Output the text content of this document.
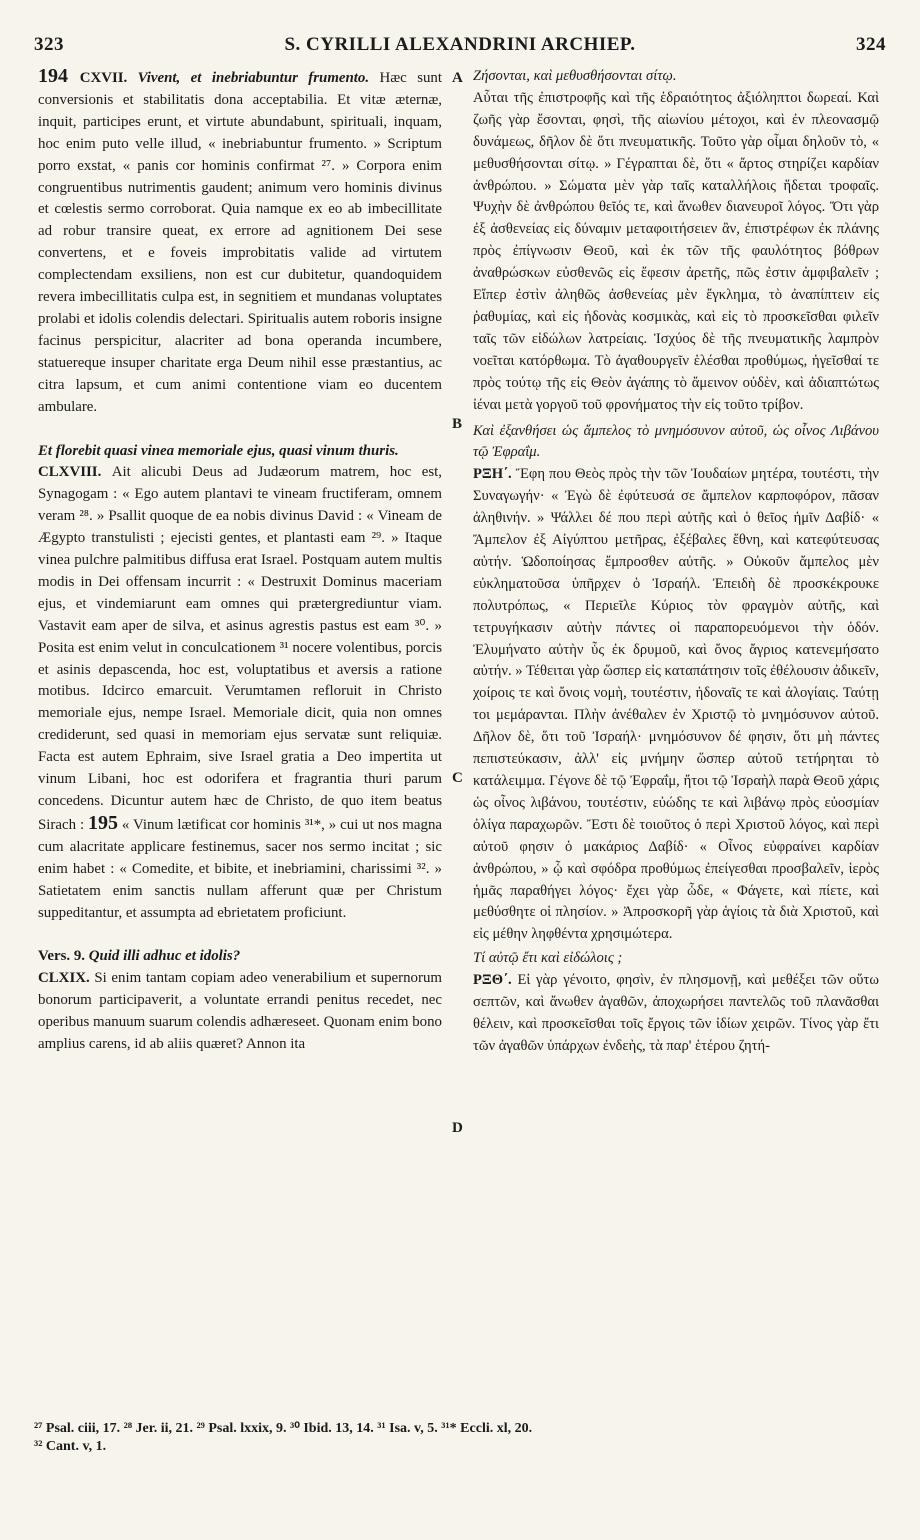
323	S. CYRILLI ALEXANDRINI ARCHIEP.	324

194 CXVII. Vivent, et inebriabuntur frumento. Hæc sunt conversionis et stabilitatis dona acceptabilia. Et vitæ æternæ, inquit, participes erunt, et virtute abundabunt, spirituali, inquam, hoc enim puto velle illud, « inebriabuntur frumento. » Scriptum porro exstat, « panis cor hominis confirmat ²⁷. » Corpora enim congruentibus nutrimentis gaudent; animum vero hominis divinus et cœlestis sermo corroborat. Quia namque ex eo ab imbecillitate ad robur transire queat, ex errore ad agnitionem Dei sese convertens, et e foveis improbitatis valide ad virtutem complectendam exsiliens, non est cur dubitetur, quandoquidem revera imbecillitatis culpa est, in segnitiem et mundanas voluptates prolabi et idolis colendis delectari. Spiritualis autem roboris insigne facinus perspicitur, alacriter ad bona operanda incumbere, statuereque insuper charitate erga Deum nihil esse præstantius, ac citra lapsum, et cum animi contentione viam eo ducentem ambulare.

Et florebit quasi vinea memoriale ejus, quasi vinum thuris.

CLXVIII. Ait alicubi Deus ad Judæorum matrem, hoc est, Synagogam : « Ego autem plantavi te vineam fructiferam, omnem veram ²⁸. » Psallit quoque de ea nobis divinus David : « Vineam de Ægypto transtulisti ; ejecisti gentes, et plantasti eam ²⁹. » Itaque vinea pulchre palmitibus diffusa erat Israel. Postquam autem multis modis in Dei offensam incurrit : « Destruxit Dominus maceriam ejus, et vindemiarunt eam omnes qui prætergrediuntur viam. Vastavit eam aper de silva, et asinus agrestis pastus est eam ³⁰. » Posita est enim velut in conculcationem ³¹ nocere volentibus, porcis et asinis depascenda, hoc est, voluptatibus et aversis a ratione motibus. Idcirco emarcuit. Verumtamen refloruit in Christo memoriale ejus, nempe Israel. Memoriale dicit, quia non omnes crediderunt, sed quasi in memoriam ejus servatæ sunt reliquiæ. Facta est autem Ephraim, sive Israel gratia a Deo impertita ut vinum Libani, hoc est odorifera et fragrantia thuri parum concedens. Dicuntur autem hæc de Christo, de quo item beatus Sirach : 195 « Vinum lætificat cor hominis ³¹*, » cui ut nos magna cum alacritate applicare festinemus, sacer nos sermo incitat ; sic enim habet : « Comedite, et bibite, et inebriamini, charissimi ³². » Satietatem enim sanctis nullam afferunt quæ per Christum suppeditantur, et assumpta ad ebrietatem proficiunt.

Vers. 9. Quid illi adhuc et idolis?

CLXIX. Si enim tantam copiam adeo venerabilium et supernorum bonorum participaverit, a voluntate errandi penitus recedet, nec operibus manuum suarum colendis adhæreseet. Quonam enim bono amplius carens, id ab aliis quæret? Annon ita

Ζήσονται, καὶ μεθυσθήσονται σίτῳ.

Αὗται τῆς ἐπιστροφῆς καὶ τῆς ἑδραιότητος ἀξιόληπτοι δωρεαί. Καὶ ζωῆς γὰρ ἔσονται, φησὶ, τῆς αἰωνίου μέτοχοι, καὶ ἐν πλεονασμῷ δυνάμεως, δῆλον δὲ ὅτι πνευματικῆς. Τοῦτο γὰρ οἶμαι δηλοῦν τὸ, « μεθυσθήσονται σίτῳ. » Γέγραπται δὲ, ὅτι « ἄρτος στηρίζει καρδίαν ἀνθρώπου. » Σώματα μὲν γὰρ ταῖς καταλλήλοις ἥδεται τροφαῖς. Ψυχὴν δὲ ἀνθρώπου θεῖός τε, καὶ ἄνωθεν διανευροῖ λόγος. Ὅτι γὰρ ἐξ ἀσθενείας εἰς δύναμιν μεταφοιτήσειεν ἂν, ἐπιστρέφων ἐκ πλάνης πρὸς ἐπίγνωσιν Θεοῦ, καὶ ἐκ τῶν τῆς φαυλότητος βόθρων ἀναθρώσκων εὐσθενῶς εἰς ἔφεσιν ἀρετῆς, πῶς ἐστιν ἀμφιβαλεῖν ; Εἴπερ ἐστὶν ἀληθῶς ἀσθενείας μὲν ἔγκλημα, τὸ ἀναπίπτειν εἰς ῥαθυμίας, καὶ εἰς ἡδονὰς κοσμικὰς, καὶ εἰς τὸ προσκεῖσθαι φιλεῖν ταῖς τῶν εἰδώλων λατρείαις. Ἰσχύος δὲ τῆς πνευματικῆς λαμπρὸν νοεῖται κατόρθωμα. Τὸ ἀγαθουργεῖν ἑλέσθαι προθύμως, ἡγεῖσθαί τε πρὸς τούτῳ τῆς εἰς Θεὸν ἀγάπης τὸ ἄμεινον οὐδὲν, καὶ ἀδιαπτώτως ἰέναι μετὰ γοργοῦ τοῦ φρονήματος τὴν εἰς τοῦτο τρίβον.

Καὶ ἐξανθήσει ὡς ἄμπελος τὸ μνημόσυνον αὐτοῦ, ὡς οἶνος Λιβάνου τῷ Ἐφραΐμ.

ΡΞΗ΄. Ἔφη που Θεὸς πρὸς τὴν τῶν Ἰουδαίων μητέρα, τουτέστι, τὴν Συναγωγήν· « Ἐγὼ δὲ ἐφύτευσά σε ἄμπελον καρποφόρον, πᾶσαν ἀληθινήν. » Ψάλλει δέ που περὶ αὐτῆς καὶ ὁ θεῖος ἡμῖν Δαβίδ· « Ἄμπελον ἐξ Αἰγύπτου μετῆρας, ἐξέβαλες ἔθνη, καὶ κατεφύτευσας αὐτήν. Ὡδοποίησας ἔμπροσθεν αὐτῆς. » Οὐκοῦν ἄμπελος μὲν εὐκληματοῦσα ὑπῆρχεν ὁ Ἰσραήλ. Ἐπειδὴ δὲ προσκέκρουκε πολυτρόπως, « Περιεῖλε Κύριος τὸν φραγμὸν αὐτῆς, καὶ τετρυγήκασιν αὐτὴν πάντες οἱ παραπορευόμενοι τὴν ὁδόν. Ἐλυμήνατο αὐτὴν ὗς ἐκ δρυμοῦ, καὶ ὄνος ἄγριος κατενεμήσατο αὐτήν. » Τέθειται γὰρ ὥσπερ εἰς καταπάτησιν τοῖς ἐθέλουσιν ἀδικεῖν, χοίροις τε καὶ ὄνοις νομὴ, τουτέστιν, ἡδοναῖς τε καὶ ἀλογίαις. Ταύτῃ τοι μεμάρανται. Πλὴν ἀνέθαλεν ἐν Χριστῷ τὸ μνημόσυνον αὐτοῦ. Δῆλον δὲ, ὅτι τοῦ Ἰσραήλ· μνημόσυνον δέ φησιν, ὅτι μὴ πάντες πεπιστεύκασιν, ἀλλ' εἰς μνήμην ὥσπερ αὐτοῦ τετήρηται τὸ κατάλειμμα. Γέγονε δὲ τῷ Ἐφραΐμ, ἤτοι τῷ Ἰσραὴλ παρὰ Θεοῦ χάρις ὡς οἶνος λιβάνου, τουτέστιν, εὐώδης τε καὶ λιβάνῳ πρὸς εὐοσμίαν ὀλίγα παραχωρῶν. Ἔστι δὲ τοιοῦτος ὁ περὶ Χριστοῦ λόγος, καὶ περὶ αὐτοῦ φησιν ὁ μακάριος Δαβίδ· « Οἶνος εὐφραίνει καρδίαν ἀνθρώπου, » ᾧ καὶ σφόδρα προθύμως ἐπείγεσθαι προσβαλεῖν, ἱερὸς ἡμᾶς παραθήγει λόγος· ἔχει γὰρ ὧδε, « Φάγετε, καὶ πίετε, καὶ μεθύσθητε οἱ πλησίον. » Ἀπροσκορῆ γὰρ ἁγίοις τὰ διὰ Χριστοῦ, καὶ εἰς μέθην ληφθέντα χρησιμώτερα.

Τί αὐτῷ ἔτι καὶ εἰδώλοις ;

ΡΞΘ΄. Εἰ γὰρ γένοιτο, φησὶν, ἐν πλησμονῇ, καὶ μεθέξει τῶν οὕτω σεπτῶν, καὶ ἄνωθεν ἀγαθῶν, ἀποχωρήσει παντελῶς τοῦ πλανᾶσθαι θέλειν, καὶ προσκεῖσθαι τοῖς ἔργοις τῶν ἰδίων χειρῶν. Τίνος γὰρ ἔτι τῶν ἀγαθῶν ὑπάρχων ἐνδεὴς, τὰ παρ' ἑτέρου ζητή-

A
B
C
D
²⁷ Psal. ciii, 17. ²⁸ Jer. ii, 21. ²⁹ Psal. lxxix, 9. ³⁰ Ibid. 13, 14. ³¹ Isa. v, 5. ³¹* Eccli. xl, 20.
³² Cant. v, 1.
